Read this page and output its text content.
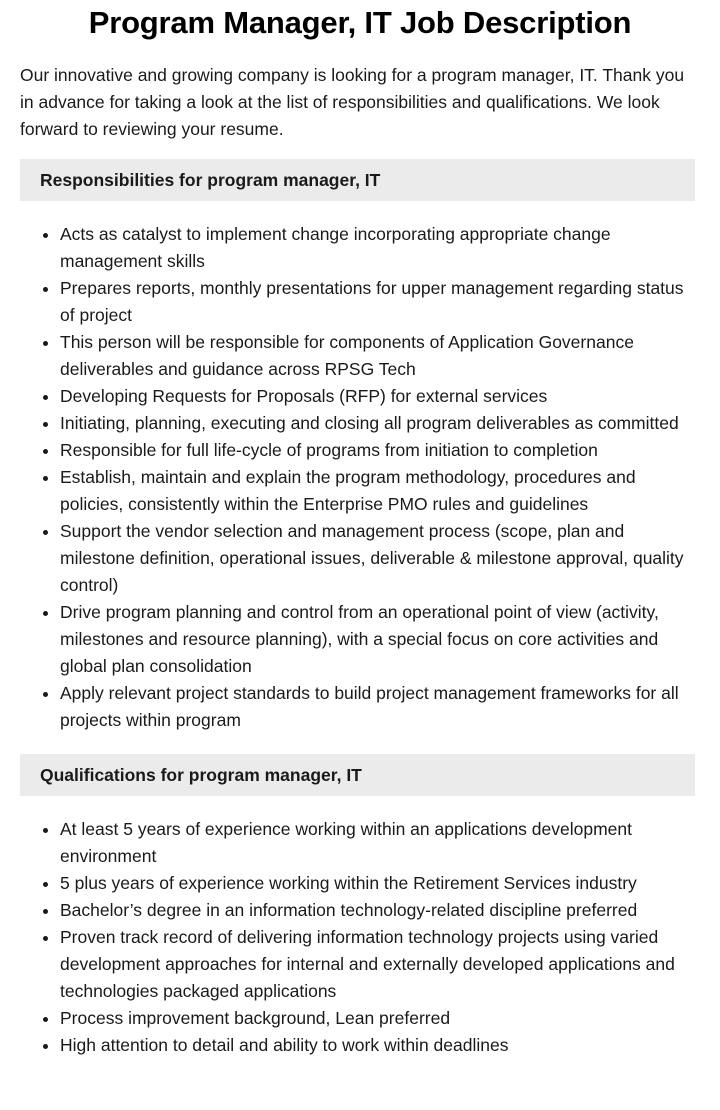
Program Manager, IT Job Description

Our innovative and growing company is looking for a program manager, IT. Thank you in advance for taking a look at the list of responsibilities and qualifications. We look forward to reviewing your resume.

Responsibilities for program manager, IT
• Acts as catalyst to implement change incorporating appropriate change management skills
• Prepares reports, monthly presentations for upper management regarding status of project
• This person will be responsible for components of Application Governance deliverables and guidance across RPSG Tech
• Developing Requests for Proposals (RFP) for external services
• Initiating, planning, executing and closing all program deliverables as committed
• Responsible for full life-cycle of programs from initiation to completion
• Establish, maintain and explain the program methodology, procedures and policies, consistently within the Enterprise PMO rules and guidelines
• Support the vendor selection and management process (scope, plan and milestone definition, operational issues, deliverable & milestone approval, quality control)
• Drive program planning and control from an operational point of view (activity, milestones and resource planning), with a special focus on core activities and global plan consolidation
• Apply relevant project standards to build project management frameworks for all projects within program
Qualifications for program manager, IT
• At least 5 years of experience working within an applications development environment
• 5 plus years of experience working within the Retirement Services industry
• Bachelor’s degree in an information technology-related discipline preferred
• Proven track record of delivering information technology projects using varied development approaches for internal and externally developed applications and technologies packaged applications
• Process improvement background, Lean preferred
• High attention to detail and ability to work within deadlines
